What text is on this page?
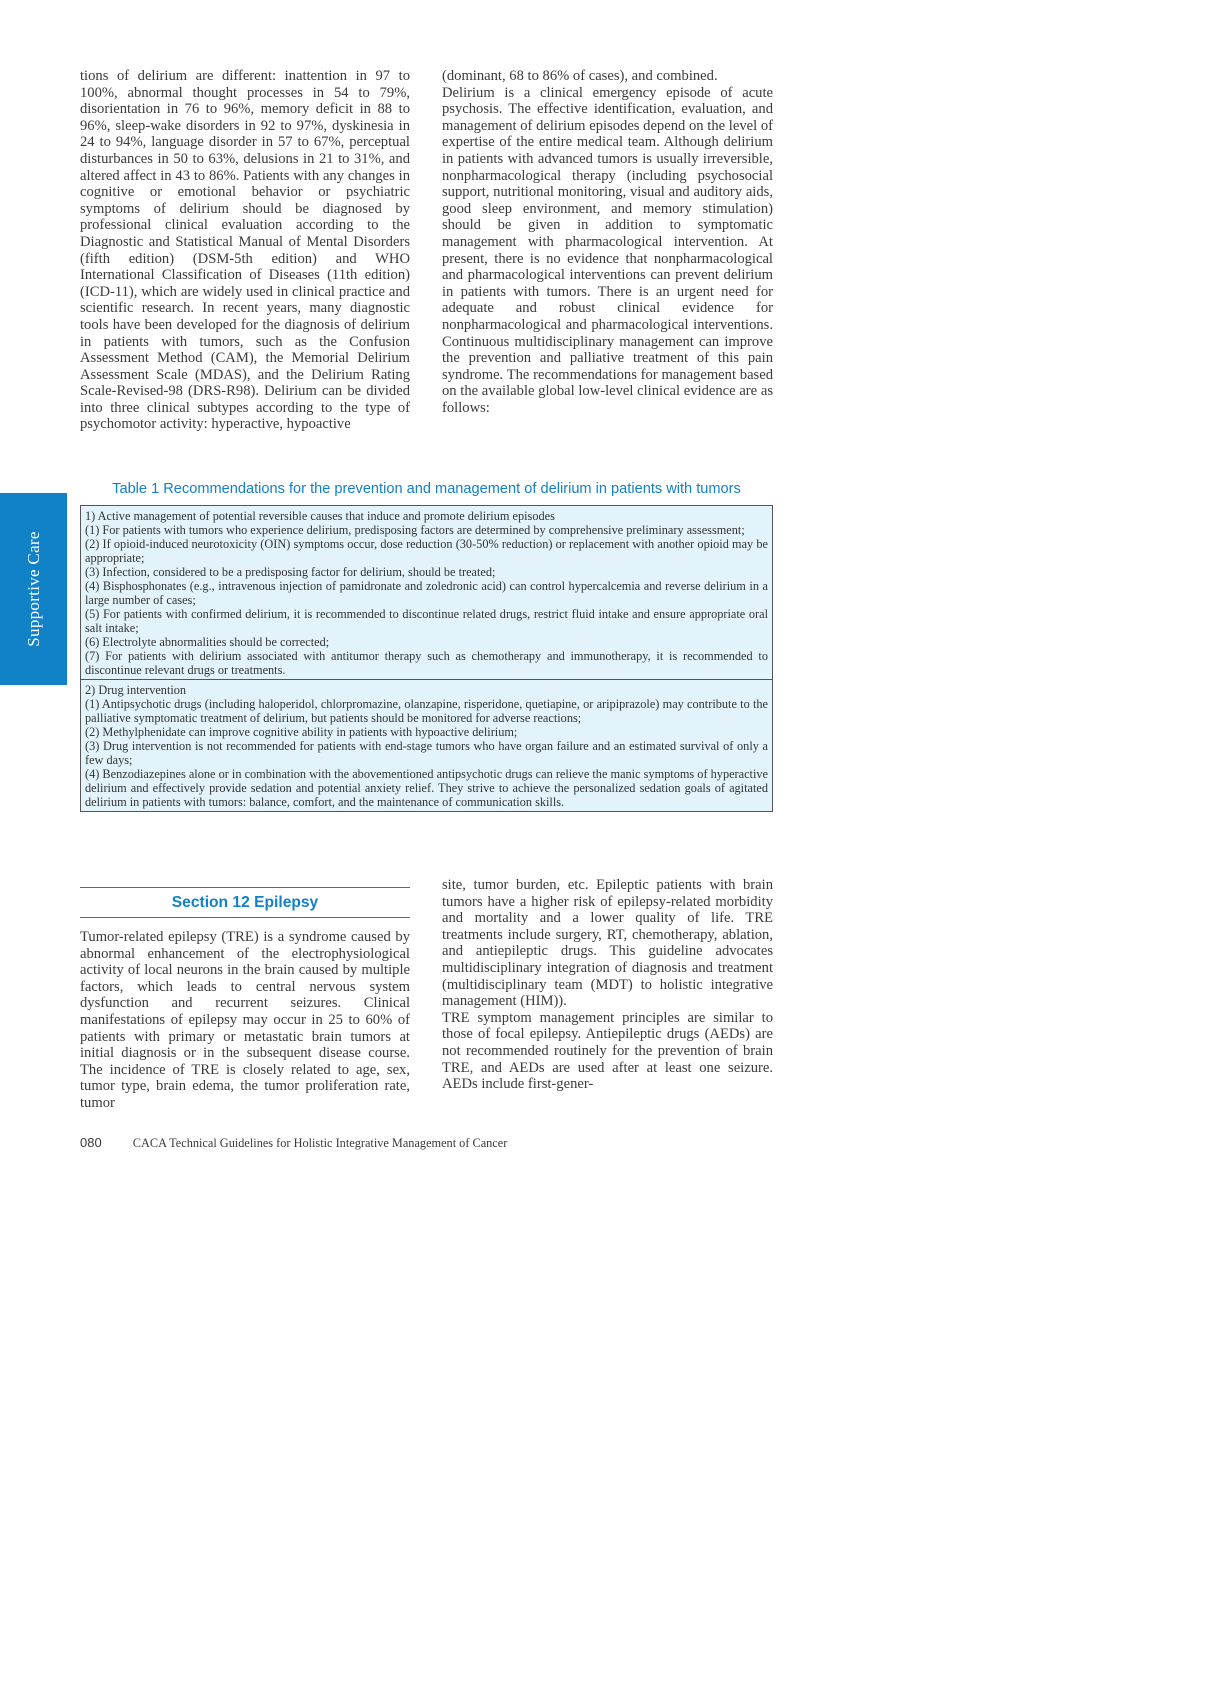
Supportive Care

tions of delirium are different: inattention in 97 to 100%, abnormal thought processes in 54 to 79%, disorientation in 76 to 96%, memory deficit in 88 to 96%, sleep-wake disorders in 92 to 97%, dyskinesia in 24 to 94%, language disorder in 57 to 67%, perceptual disturbances in 50 to 63%, delusions in 21 to 31%, and altered affect in 43 to 86%. Patients with any changes in cognitive or emotional behavior or psychiatric symptoms of delirium should be diagnosed by professional clinical evaluation according to the Diagnostic and Statistical Manual of Mental Disorders (fifth edition) (DSM-5th edition) and WHO International Classification of Diseases (11th edition) (ICD-11), which are widely used in clinical practice and scientific research. In recent years, many diagnostic tools have been developed for the diagnosis of delirium in patients with tumors, such as the Confusion Assessment Method (CAM), the Memorial Delirium Assessment Scale (MDAS), and the Delirium Rating Scale-Revised-98 (DRS-R98). Delirium can be divided into three clinical subtypes according to the type of psychomotor activity: hyperactive, hypoactive

(dominant, 68 to 86% of cases), and combined.

Delirium is a clinical emergency episode of acute psychosis. The effective identification, evaluation, and management of delirium episodes depend on the level of expertise of the entire medical team. Although delirium in patients with advanced tumors is usually irreversible, nonpharmacological therapy (including psychosocial support, nutritional monitoring, visual and auditory aids, good sleep environment, and memory stimulation) should be given in addition to symptomatic management with pharmacological intervention. At present, there is no evidence that nonpharmacological and pharmacological interventions can prevent delirium in patients with tumors. There is an urgent need for adequate and robust clinical evidence for nonpharmacological and pharmacological interventions. Continuous multidisciplinary management can improve the prevention and palliative treatment of this pain syndrome. The recommendations for management based on the available global low-level clinical evidence are as follows:

Table 1 Recommendations for the prevention and management of delirium in patients with tumors
1) Active management of potential reversible causes that induce and promote delirium episodes
(1) For patients with tumors who experience delirium, predisposing factors are determined by comprehensive preliminary assessment;
(2) If opioid-induced neurotoxicity (OIN) symptoms occur, dose reduction (30-50% reduction) or replacement with another opioid may be appropriate;
(3) Infection, considered to be a predisposing factor for delirium, should be treated;
(4) Bisphosphonates (e.g., intravenous injection of pamidronate and zoledronic acid) can control hypercalcemia and reverse delirium in a large number of cases;
(5) For patients with confirmed delirium, it is recommended to discontinue related drugs, restrict fluid intake and ensure appropriate oral salt intake;
(6) Electrolyte abnormalities should be corrected;
(7) For patients with delirium associated with antitumor therapy such as chemotherapy and immunotherapy, it is recommended to discontinue relevant drugs or treatments.
2) Drug intervention
(1) Antipsychotic drugs (including haloperidol, chlorpromazine, olanzapine, risperidone, quetiapine, or aripiprazole) may contribute to the palliative symptomatic treatment of delirium, but patients should be monitored for adverse reactions;
(2) Methylphenidate can improve cognitive ability in patients with hypoactive delirium;
(3) Drug intervention is not recommended for patients with end-stage tumors who have organ failure and an estimated survival of only a few days;
(4) Benzodiazepines alone or in combination with the abovementioned antipsychotic drugs can relieve the manic symptoms of hyperactive delirium and effectively provide sedation and potential anxiety relief. They strive to achieve the personalized sedation goals of agitated delirium in patients with tumors: balance, comfort, and the maintenance of communication skills.
Section 12 Epilepsy

Tumor-related epilepsy (TRE) is a syndrome caused by abnormal enhancement of the electrophysiological activity of local neurons in the brain caused by multiple factors, which leads to central nervous system dysfunction and recurrent seizures. Clinical manifestations of epilepsy may occur in 25 to 60% of patients with primary or metastatic brain tumors at initial diagnosis or in the subsequent disease course. The incidence of TRE is closely related to age, sex, tumor type, brain edema, the tumor proliferation rate, tumor

site, tumor burden, etc. Epileptic patients with brain tumors have a higher risk of epilepsy-related morbidity and mortality and a lower quality of life. TRE treatments include surgery, RT, chemotherapy, ablation, and antiepileptic drugs. This guideline advocates multidisciplinary integration of diagnosis and treatment (multidisciplinary team (MDT) to holistic integrative management (HIM)).

TRE symptom management principles are similar to those of focal epilepsy. Antiepileptic drugs (AEDs) are not recommended routinely for the prevention of brain TRE, and AEDs are used after at least one seizure. AEDs include first-gener-

080	CACA Technical Guidelines for Holistic Integrative Management of Cancer
